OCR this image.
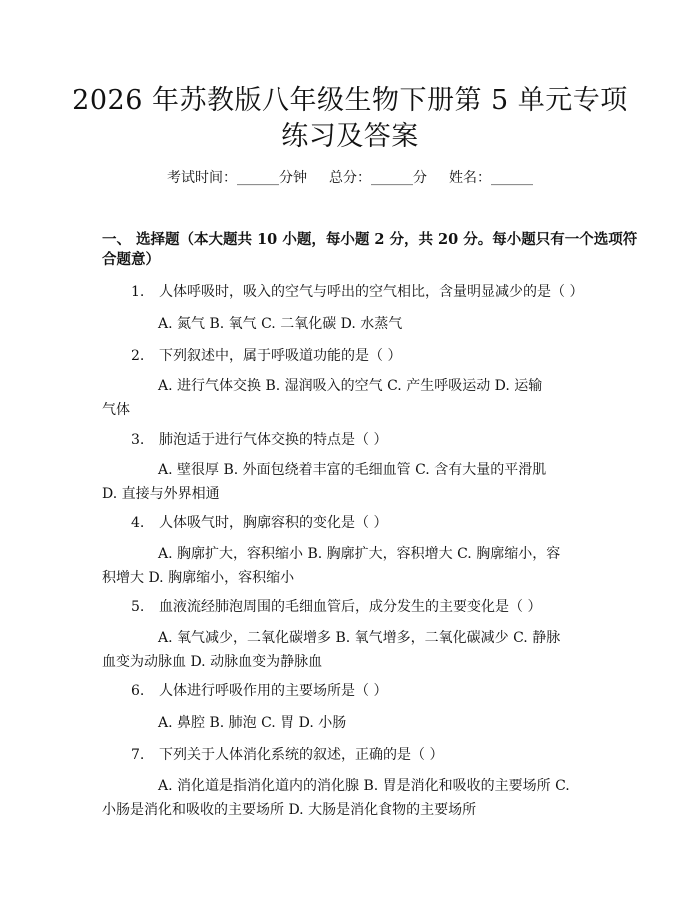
2026 年苏教版八年级生物下册第 5 单元专项
练习及答案
考试时间：______分钟 总分：______分 姓名：______
一、 选择题（本大题共 10 小题，每小题 2 分，共 20 分。每小题只有一个选项符
合题意）
1. 人体呼吸时，吸入的空气与呼出的空气相比，含量明显减少的是（ ）
A. 氮气 B. 氧气 C. 二氧化碳 D. 水蒸气
2. 下列叙述中，属于呼吸道功能的是（ ）
A. 进行气体交换 B. 湿润吸入的空气 C. 产生呼吸运动 D. 运输
气体
3. 肺泡适于进行气体交换的特点是（ ）
A. 壁很厚 B. 外面包绕着丰富的毛细血管 C. 含有大量的平滑肌
D. 直接与外界相通
4. 人体吸气时，胸廓容积的变化是（ ）
A. 胸廓扩大，容积缩小 B. 胸廓扩大，容积增大 C. 胸廓缩小，容
积增大 D. 胸廓缩小，容积缩小
5. 血液流经肺泡周围的毛细血管后，成分发生的主要变化是（ ）
A. 氧气减少，二氧化碳增多 B. 氧气增多，二氧化碳减少 C. 静脉
血变为动脉血 D. 动脉血变为静脉血
6. 人体进行呼吸作用的主要场所是（ ）
A. 鼻腔 B. 肺泡 C. 胃 D. 小肠
7. 下列关于人体消化系统的叙述，正确的是（ ）
A. 消化道是指消化道内的消化腺 B. 胃是消化和吸收的主要场所 C.
小肠是消化和吸收的主要场所 D. 大肠是消化食物的主要场所
